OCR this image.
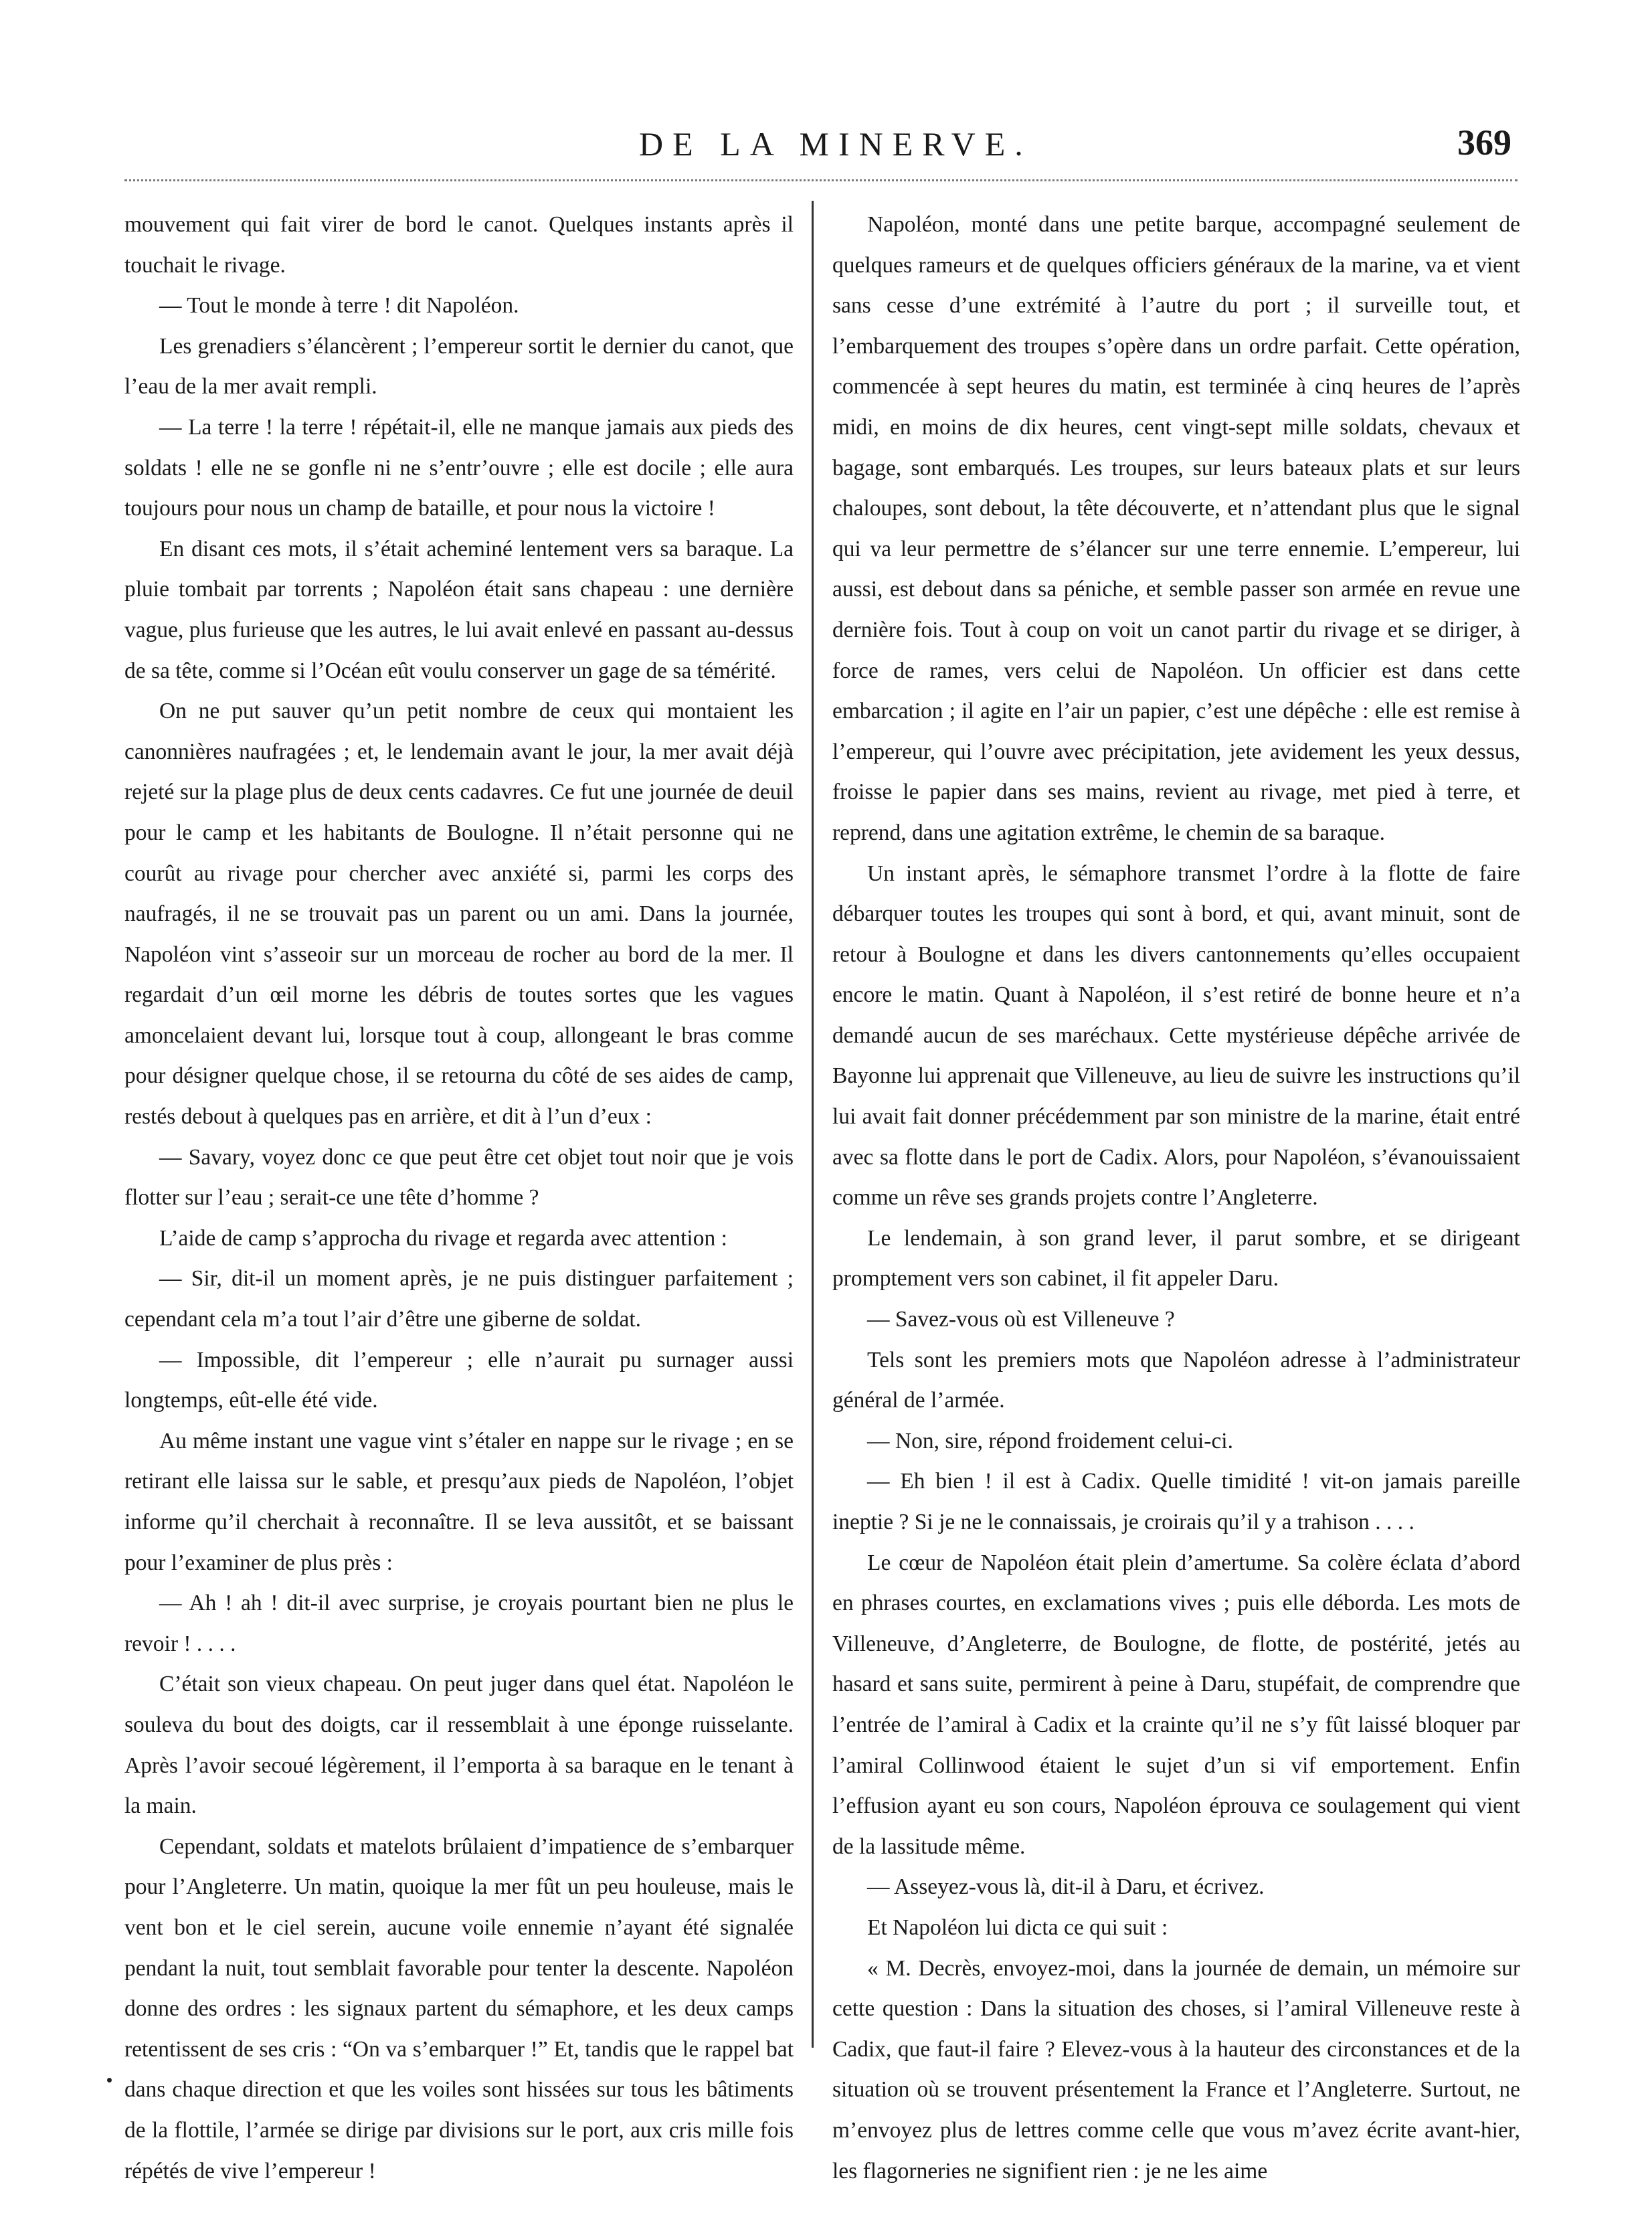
DE LA MINERVE.	369

mouvement qui fait virer de bord le canot. Quelques instants après il touchait le rivage.

— Tout le monde à terre ! dit Napoléon.

Les grenadiers s’élancèrent ; l’empereur sortit le dernier du canot, que l’eau de la mer avait rempli.

— La terre ! la terre ! répétait-il, elle ne manque jamais aux pieds des soldats ! elle ne se gonfle ni ne s’entr’ouvre ; elle est docile ; elle aura toujours pour nous un champ de bataille, et pour nous la victoire !

En disant ces mots, il s’était acheminé lentement vers sa baraque. La pluie tombait par torrents ; Napoléon était sans chapeau : une dernière vague, plus furieuse que les autres, le lui avait enlevé en passant au-dessus de sa tête, comme si l’Océan eût voulu conserver un gage de sa témérité.

On ne put sauver qu’un petit nombre de ceux qui montaient les canonnières naufragées ; et, le lendemain avant le jour, la mer avait déjà rejeté sur la plage plus de deux cents cadavres. Ce fut une journée de deuil pour le camp et les habitants de Boulogne. Il n’était personne qui ne courût au rivage pour chercher avec anxiété si, parmi les corps des naufragés, il ne se trouvait pas un parent ou un ami. Dans la journée, Napoléon vint s’asseoir sur un morceau de rocher au bord de la mer. Il regardait d’un œil morne les débris de toutes sortes que les vagues amoncelaient devant lui, lorsque tout à coup, allongeant le bras comme pour désigner quelque chose, il se retourna du côté de ses aides de camp, restés debout à quelques pas en arrière, et dit à l’un d’eux :

— Savary, voyez donc ce que peut être cet objet tout noir que je vois flotter sur l’eau ; serait-ce une tête d’homme ?

L’aide de camp s’approcha du rivage et regarda avec attention :

— Sir, dit-il un moment après, je ne puis distinguer parfaitement ; cependant cela m’a tout l’air d’être une giberne de soldat.

— Impossible, dit l’empereur ; elle n’aurait pu surnager aussi longtemps, eût-elle été vide.

Au même instant une vague vint s’étaler en nappe sur le rivage ; en se retirant elle laissa sur le sable, et presqu’aux pieds de Napoléon, l’objet informe qu’il cherchait à reconnaître. Il se leva aussitôt, et se baissant pour l’examiner de plus près :

— Ah ! ah ! dit-il avec surprise, je croyais pourtant bien ne plus le revoir ! . . . .

C’était son vieux chapeau. On peut juger dans quel état. Napoléon le souleva du bout des doigts, car il ressemblait à une éponge ruisselante. Après l’avoir secoué légèrement, il l’emporta à sa baraque en le tenant à la main.

Cependant, soldats et matelots brûlaient d’impatience de s’embarquer pour l’Angleterre. Un matin, quoique la mer fût un peu houleuse, mais le vent bon et le ciel serein, aucune voile ennemie n’ayant été signalée pendant la nuit, tout semblait favorable pour tenter la descente. Napoléon donne des ordres : les signaux partent du sémaphore, et les deux camps retentissent de ses cris : “On va s’embarquer !” Et, tandis que le rappel bat dans chaque direction et que les voiles sont hissées sur tous les bâtiments de la flottile, l’armée se dirige par divisions sur le port, aux cris mille fois répétés de vive l’empereur !

Napoléon, monté dans une petite barque, accompagné seulement de quelques rameurs et de quelques officiers généraux de la marine, va et vient sans cesse d’une extrémité à l’autre du port ; il surveille tout, et l’embarquement des troupes s’opère dans un ordre parfait. Cette opération, commencée à sept heures du matin, est terminée à cinq heures de l’après midi, en moins de dix heures, cent vingt-sept mille soldats, chevaux et bagage, sont embarqués. Les troupes, sur leurs bateaux plats et sur leurs chaloupes, sont debout, la tête découverte, et n’attendant plus que le signal qui va leur permettre de s’élancer sur une terre ennemie. L’empereur, lui aussi, est debout dans sa péniche, et semble passer son armée en revue une dernière fois. Tout à coup on voit un canot partir du rivage et se diriger, à force de rames, vers celui de Napoléon. Un officier est dans cette embarcation ; il agite en l’air un papier, c’est une dépêche : elle est remise à l’empereur, qui l’ouvre avec précipitation, jete avidement les yeux dessus, froisse le papier dans ses mains, revient au rivage, met pied à terre, et reprend, dans une agitation extrême, le chemin de sa baraque.

Un instant après, le sémaphore transmet l’ordre à la flotte de faire débarquer toutes les troupes qui sont à bord, et qui, avant minuit, sont de retour à Boulogne et dans les divers cantonnements qu’elles occupaient encore le matin. Quant à Napoléon, il s’est retiré de bonne heure et n’a demandé aucun de ses maréchaux. Cette mystérieuse dépêche arrivée de Bayonne lui apprenait que Villeneuve, au lieu de suivre les instructions qu’il lui avait fait donner précédemment par son ministre de la marine, était entré avec sa flotte dans le port de Cadix. Alors, pour Napoléon, s’évanouissaient comme un rêve ses grands projets contre l’Angleterre.

Le lendemain, à son grand lever, il parut sombre, et se dirigeant promptement vers son cabinet, il fit appeler Daru.

— Savez-vous où est Villeneuve ?

Tels sont les premiers mots que Napoléon adresse à l’administrateur général de l’armée.

— Non, sire, répond froidement celui-ci.

— Eh bien ! il est à Cadix. Quelle timidité ! vit-on jamais pareille ineptie ? Si je ne le connaissais, je croirais qu’il y a trahison . . . .

Le cœur de Napoléon était plein d’amertume. Sa colère éclata d’abord en phrases courtes, en exclamations vives ; puis elle déborda. Les mots de Villeneuve, d’Angleterre, de Boulogne, de flotte, de postérité, jetés au hasard et sans suite, permirent à peine à Daru, stupéfait, de comprendre que l’entrée de l’amiral à Cadix et la crainte qu’il ne s’y fût laissé bloquer par l’amiral Collinwood étaient le sujet d’un si vif emportement. Enfin l’effusion ayant eu son cours, Napoléon éprouva ce soulagement qui vient de la lassitude même.

— Asseyez-vous là, dit-il à Daru, et écrivez.

Et Napoléon lui dicta ce qui suit :

« M. Decrès, envoyez-moi, dans la journée de demain, un mémoire sur cette question : Dans la situation des choses, si l’amiral Villeneuve reste à Cadix, que faut-il faire ? Elevez-vous à la hauteur des circonstances et de la situation où se trouvent présentement la France et l’Angleterre. Surtout, ne m’envoyez plus de lettres comme celle que vous m’avez écrite avant-hier, les flagorneries ne signifient rien : je ne les aime
